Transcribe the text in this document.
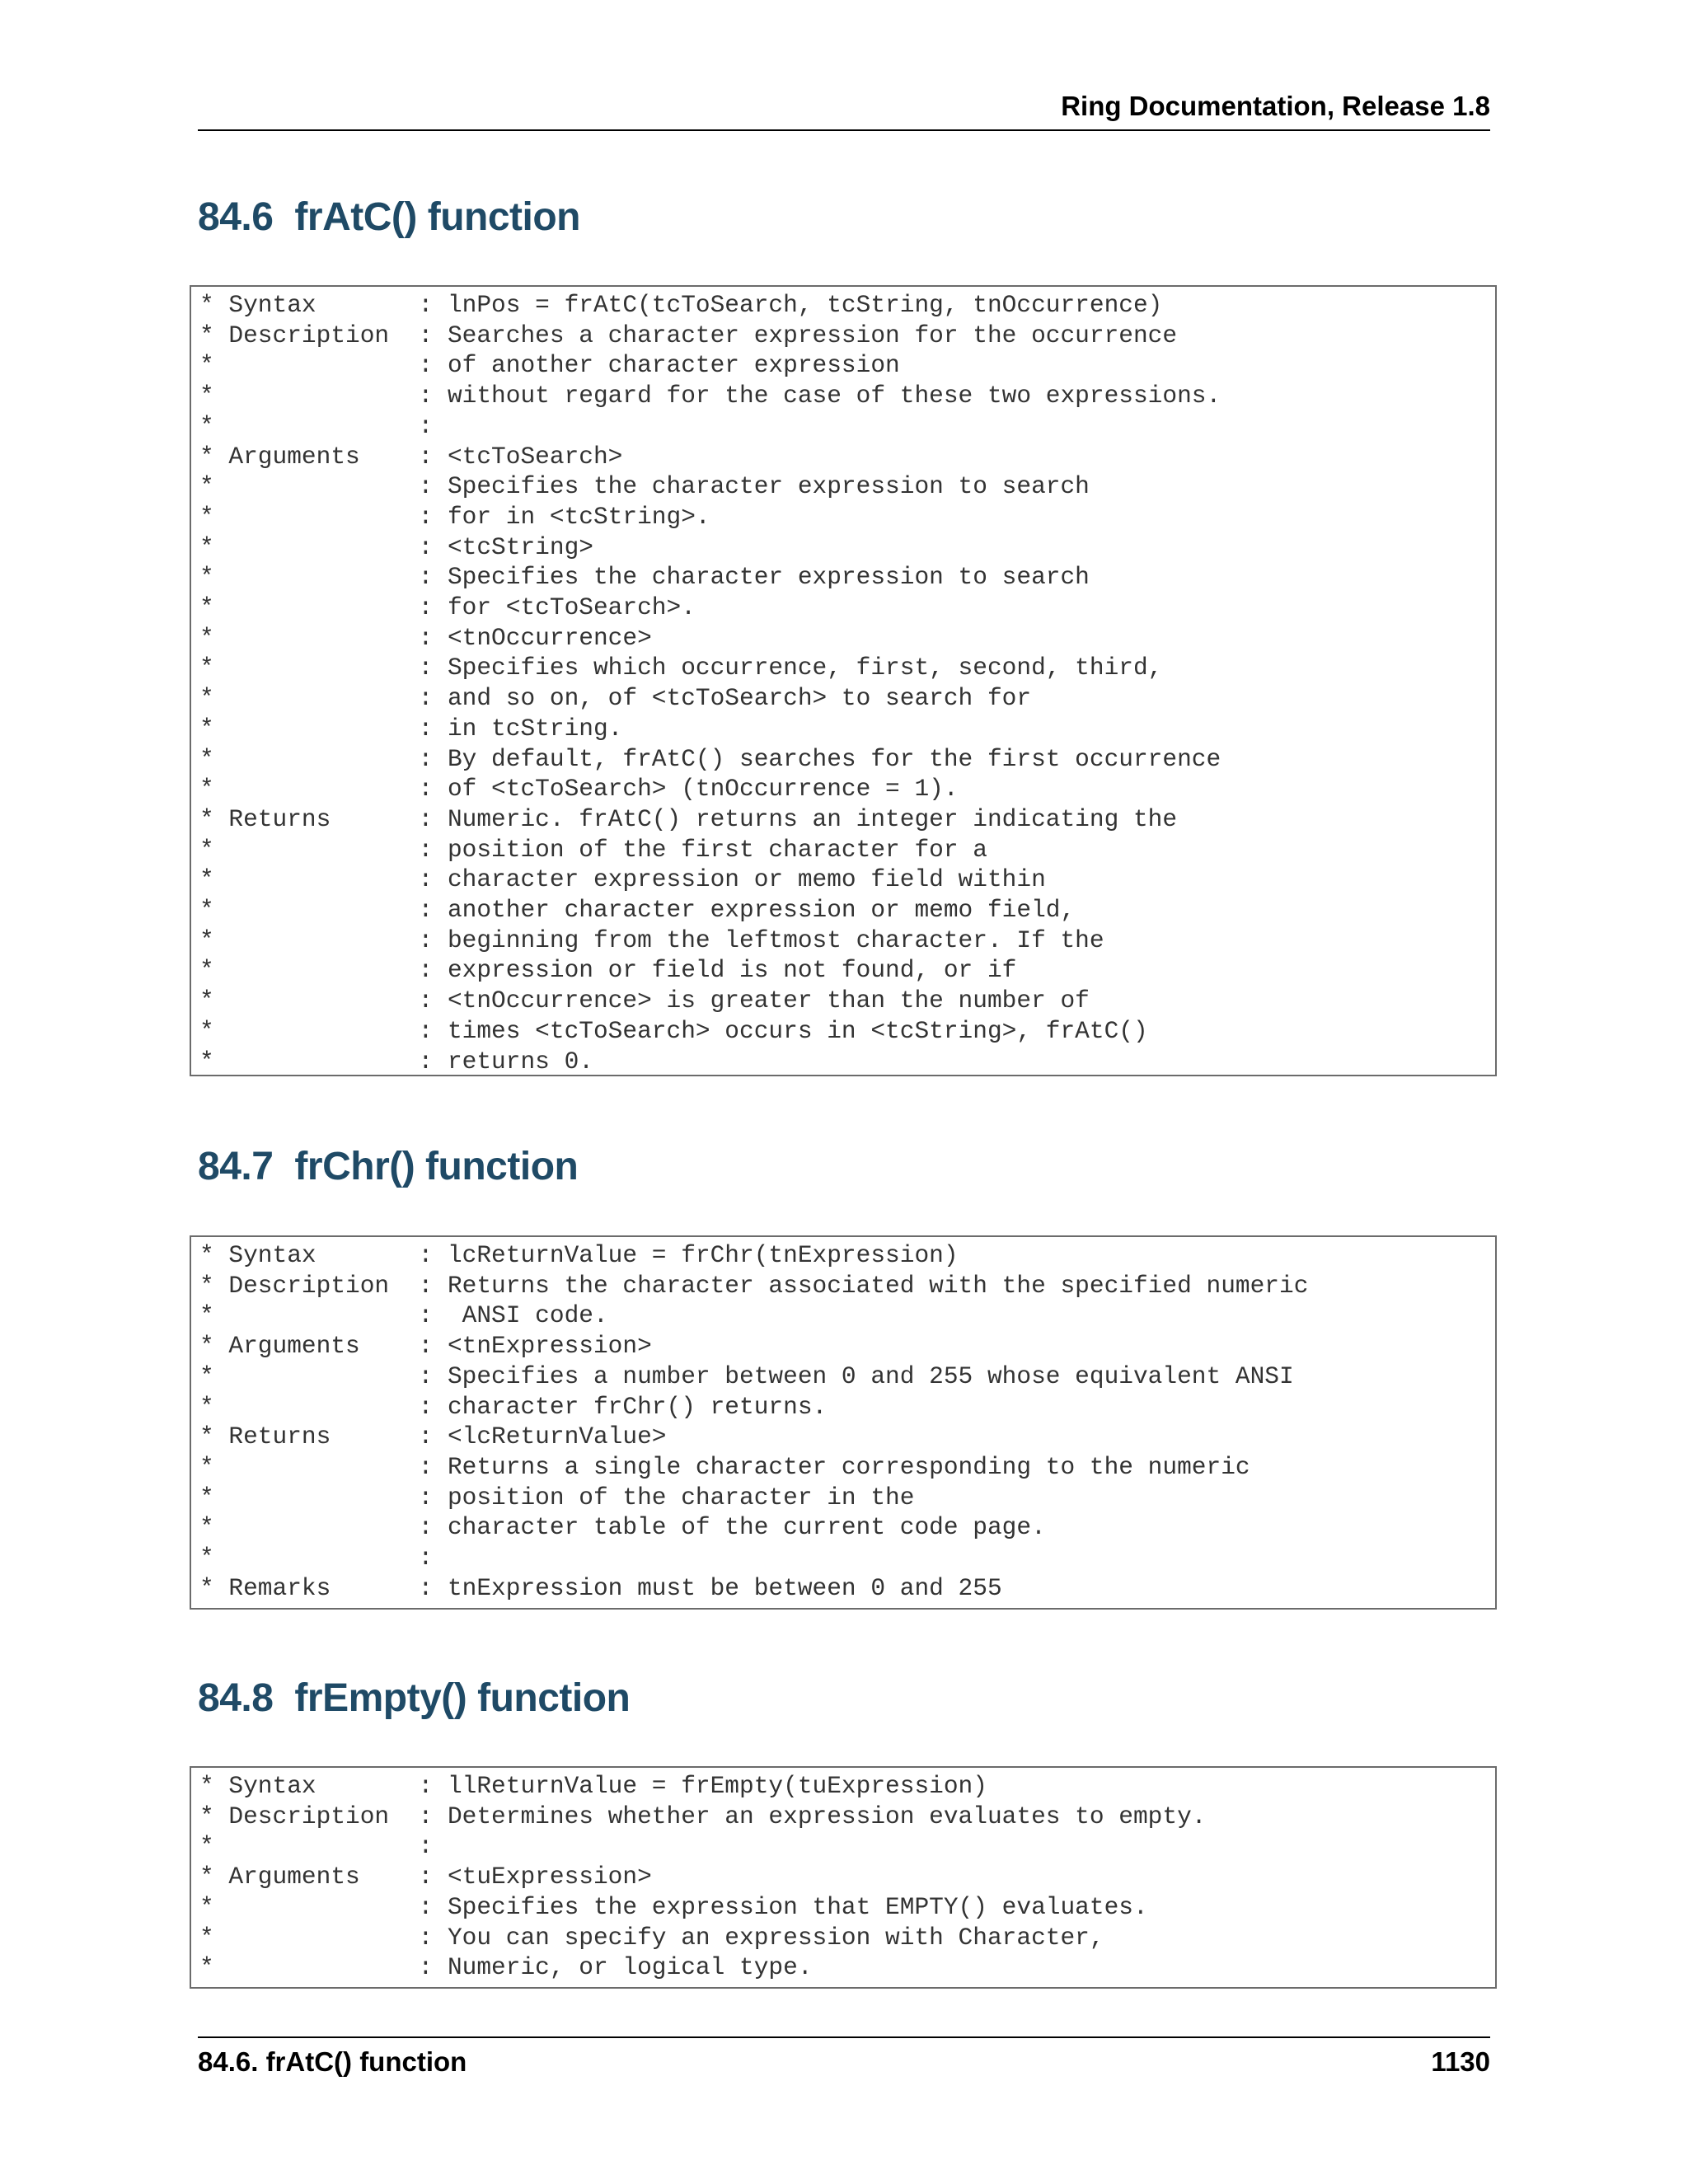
Ring Documentation, Release 1.8
84.6 frAtC() function
* Syntax       : lnPos = frAtC(tcToSearch, tcString, tnOccurrence)
* Description  : Searches a character expression for the occurrence
*              : of another character expression
*              : without regard for the case of these two expressions.
*              :
* Arguments    : <tcToSearch>
*              : Specifies the character expression to search
*              : for in <tcString>.
*              : <tcString>
*              : Specifies the character expression to search
*              : for <tcToSearch>.
*              : <tnOccurrence>
*              : Specifies which occurrence, first, second, third,
*              : and so on, of <tcToSearch> to search for
*              : in tcString.
*              : By default, frAtC() searches for the first occurrence
*              : of <tcToSearch> (tnOccurrence = 1).
* Returns      : Numeric. frAtC() returns an integer indicating the
*              : position of the first character for a
*              : character expression or memo field within
*              : another character expression or memo field,
*              : beginning from the leftmost character. If the
*              : expression or field is not found, or if
*              : <tnOccurrence> is greater than the number of
*              : times <tcToSearch> occurs in <tcString>, frAtC()
*              : returns 0.
84.7 frChr() function
* Syntax       : lcReturnValue = frChr(tnExpression)
* Description  : Returns the character associated with the specified numeric
*              :  ANSI code.
* Arguments    : <tnExpression>
*              : Specifies a number between 0 and 255 whose equivalent ANSI
*              : character frChr() returns.
* Returns      : <lcReturnValue>
*              : Returns a single character corresponding to the numeric
*              : position of the character in the
*              : character table of the current code page.
*              :
* Remarks      : tnExpression must be between 0 and 255
84.8 frEmpty() function
* Syntax       : llReturnValue = frEmpty(tuExpression)
* Description  : Determines whether an expression evaluates to empty.
*              :
* Arguments    : <tuExpression>
*              : Specifies the expression that EMPTY() evaluates.
*              : You can specify an expression with Character,
*              : Numeric, or logical type.
84.6. frAtC() function	1130
